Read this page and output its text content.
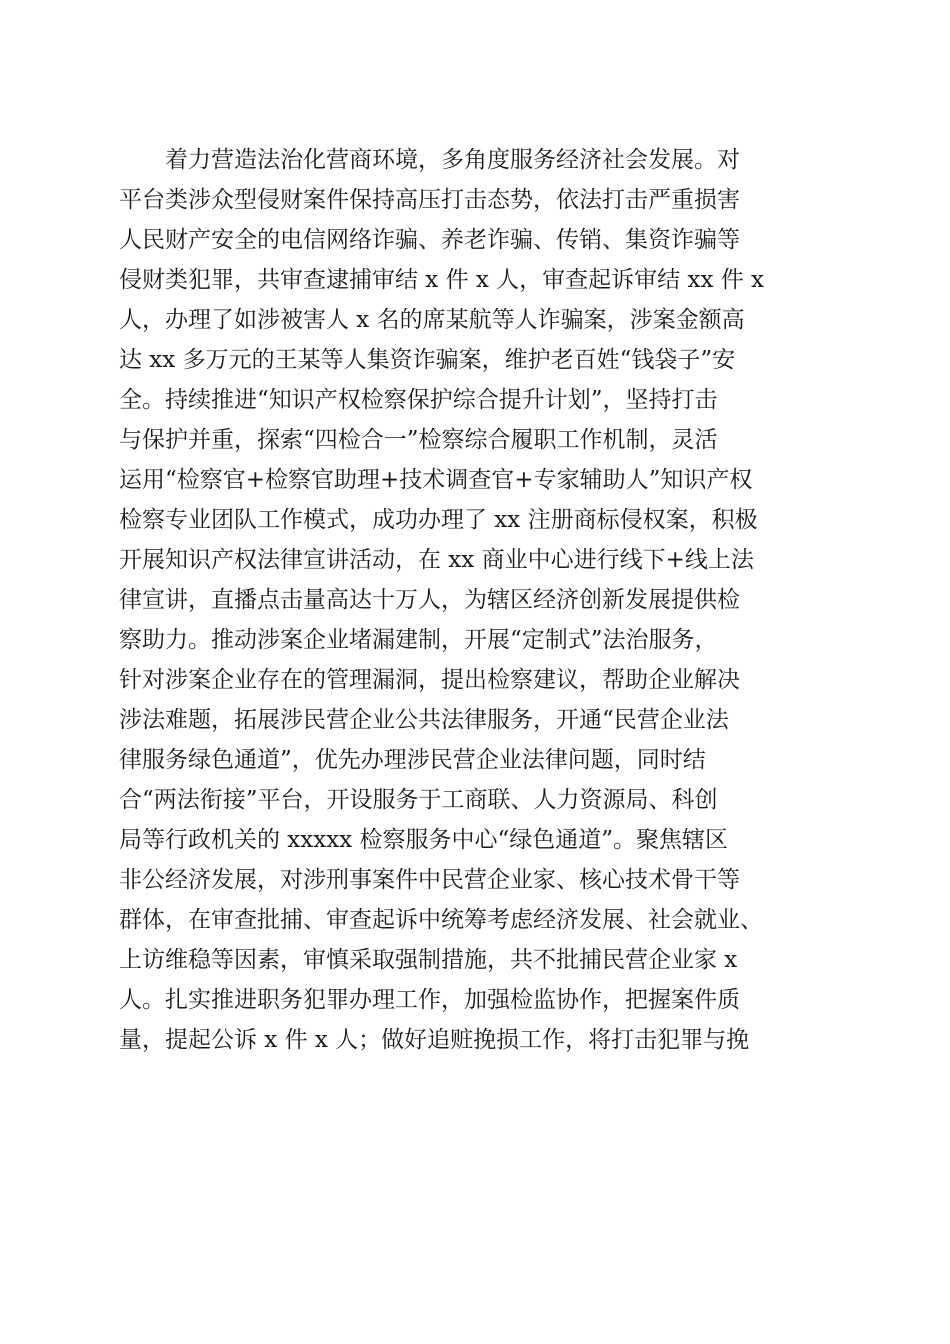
着力营造法治化营商环境，多角度服务经济社会发展。对
平台类涉众型侵财案件保持高压打击态势，依法打击严重损害
人民财产安全的电信网络诈骗、养老诈骗、传销、集资诈骗等
侵财类犯罪，共审查逮捕审结 x 件 x 人，审查起诉审结 xx 件 x
人，办理了如涉被害人 x 名的席某航等人诈骗案，涉案金额高
达 xx 多万元的王某等人集资诈骗案，维护老百姓“钱袋子”安
全。持续推进“知识产权检察保护综合提升计划”，坚持打击
与保护并重，探索“四检合一”检察综合履职工作机制，灵活
运用“检察官+检察官助理+技术调查官+专家辅助人”知识产权
检察专业团队工作模式，成功办理了 xx 注册商标侵权案，积极
开展知识产权法律宣讲活动，在 xx 商业中心进行线下+线上法
律宣讲，直播点击量高达十万人，为辖区经济创新发展提供检
察助力。推动涉案企业堵漏建制，开展“定制式”法治服务，
针对涉案企业存在的管理漏洞，提出检察建议，帮助企业解决
涉法难题，拓展涉民营企业公共法律服务，开通“民营企业法
律服务绿色通道”，优先办理涉民营企业法律问题，同时结
合“两法衔接”平台，开设服务于工商联、人力资源局、科创
局等行政机关的 xxxxx 检察服务中心“绿色通道”。聚焦辖区
非公经济发展，对涉刑事案件中民营企业家、核心技术骨干等
群体，在审查批捕、审查起诉中统筹考虑经济发展、社会就业、
上访维稳等因素，审慎采取强制措施，共不批捕民营企业家 x
人。扎实推进职务犯罪办理工作，加强检监协作，把握案件质
量，提起公诉 x 件 x 人；做好追赃挽损工作，将打击犯罪与挽
